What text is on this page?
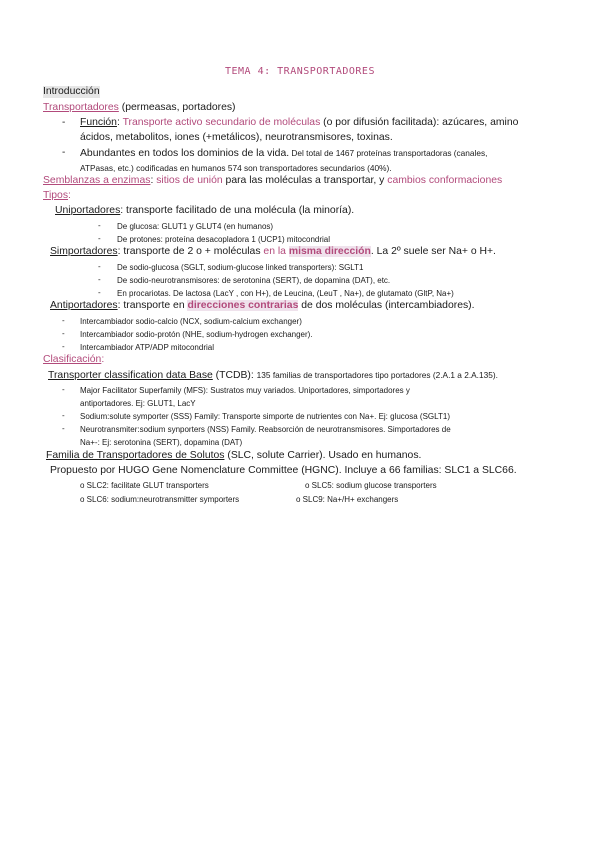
TEMA 4: TRANSPORTADORES
Introducción
Transportadores (permeasas, portadores)
- Función: Transporte activo secundario de moléculas (o por difusión facilitada): azúcares, amino
ácidos, metabolitos, iones (+metálicos), neurotransmisores, toxinas.
- Abundantes en todos los dominios de la vida. Del total de 1467 proteínas transportadoras (canales,
ATPasas, etc.) codificadas en humanos 574 son transportadores secundarios (40%).
Semblanzas a enzimas: sitios de unión para las moléculas a transportar, y cambios conformaciones
Tipos:
Uniportadores: transporte facilitado de una molécula (la minoría).
- De glucosa: GLUT1 y GLUT4 (en humanos)
- De protones: proteína desacopladora 1 (UCP1) mitocondrial
Simportadores: transporte de 2 o + moléculas en la misma dirección. La 2º suele ser Na+ o H+.
- De sodio-glucosa (SGLT, sodium-glucose linked transporters): SGLT1
- De sodio-neurotransmisores: de serotonina (SERT), de dopamina (DAT), etc.
- En procariotas. De lactosa (LacY , con H+), de Leucina, (LeuT , Na+), de glutamato (GltP, Na+)
Antiportadores: transporte en direcciones contrarias de dos moléculas (intercambiadores).
- Intercambiador sodio-calcio (NCX, sodium-calcium exchanger)
- Intercambiador sodio-protón (NHE, sodium-hydrogen exchanger).
- Intercambiador ATP/ADP mitocondrial
Clasificación:
Transporter classification data Base (TCDB): 135 familias de transportadores tipo portadores (2.A.1 a 2.A.135).
- Major Facilitator Superfamily (MFS): Sustratos muy variados. Uniportadores, simportadores y
antiportadores. Ej: GLUT1, LacY
- Sodium:solute symporter (SSS) Family: Transporte simporte de nutrientes con Na+. Ej: glucosa (SGLT1)
- Neurotransmiter:sodium synporters (NSS) Family. Reabsorción de neurotransmisores. Simportadores de
Na+-: Ej: serotonina (SERT), dopamina (DAT)
Familia de Transportadores de Solutos (SLC, solute Carrier). Usado en humanos.
Propuesto por HUGO Gene Nomenclature Committee (HGNC). Incluye a 66 familias: SLC1 a SLC66.
o SLC2: facilitate GLUT transporters	o SLC5: sodium glucose transporters
o SLC6: sodium:neurotransmitter symporters	o SLC9: Na+/H+ exchangers
